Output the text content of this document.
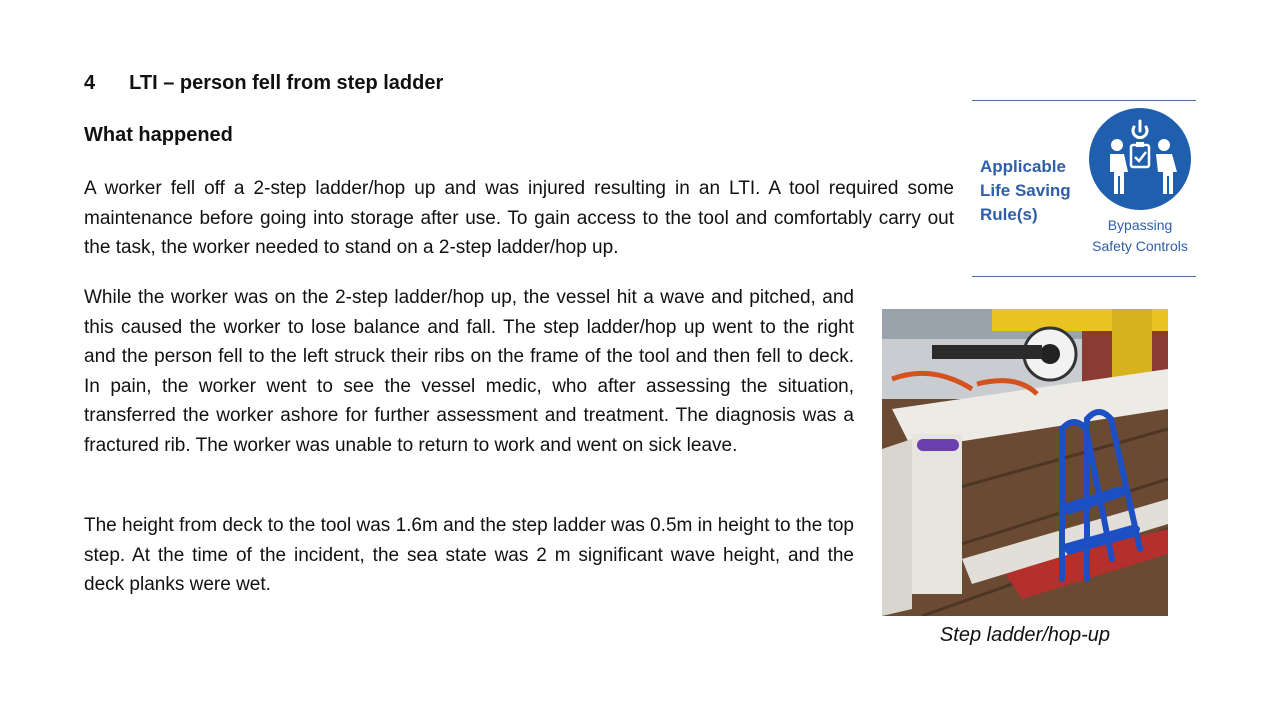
4 LTI – person fell from step ladder
What happened

A worker fell off a 2-step ladder/hop up and was injured resulting in an LTI. A tool required some maintenance before going into storage after use. To gain access to the tool and comfortably carry out the task, the worker needed to stand on a 2-step ladder/hop up.

While the worker was on the 2-step ladder/hop up, the vessel hit a wave and pitched, and this caused the worker to lose balance and fall. The step ladder/hop up went to the right and the person fell to the left struck their ribs on the frame of the tool and then fell to deck. In pain, the worker went to see the vessel medic, who after assessing the situation, transferred the worker ashore for further assessment and treatment. The diagnosis was a fractured rib. The worker was unable to return to work and went on sick leave.

The height from deck to the tool was 1.6m and the step ladder was 0.5m in height to the top step. At the time of the incident, the sea state was 2 m significant wave height, and the deck planks were wet.

Applicable Life Saving Rule(s)
Bypassing Safety Controls
Step ladder/hop-up
